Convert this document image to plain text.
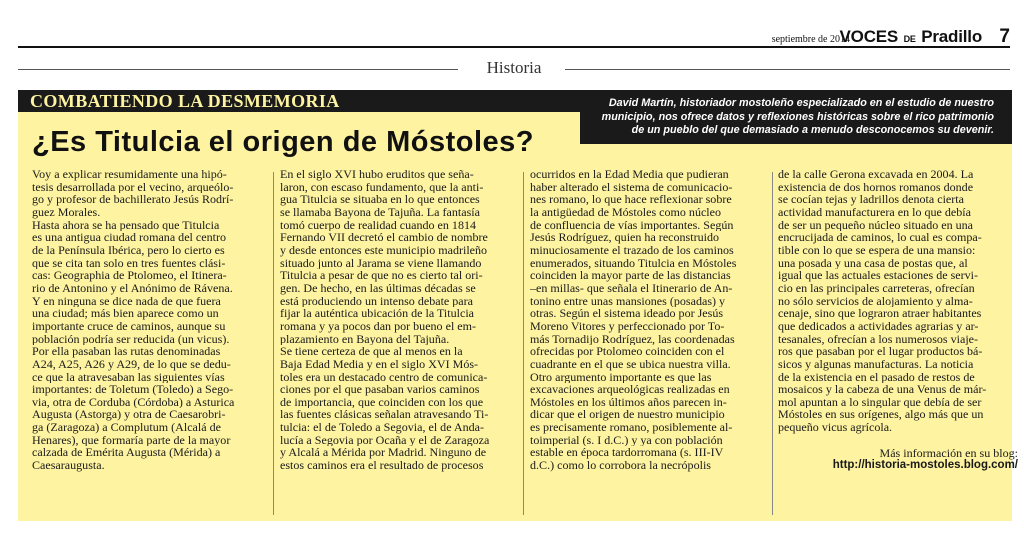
septiembre de 2014
VOCES DE Pradillo 7
Historia
COMBATIENDO LA DESMEMORIA	David Martín, historiador mostoleño especializado en el estudio de nuestro
municipio, nos ofrece datos y reflexiones históricas sobre el rico patrimonio
de un pueblo del que demasiado a menudo desconocemos su devenir.
¿Es Titulcia el origen de Móstoles?
Voy a explicar resumidamente una hipó-
tesis desarrollada por el vecino, arqueólo-
go y profesor de bachillerato Jesús Rodrí-
guez Morales.
Hasta ahora se ha pensado que Titulcia
es una antigua ciudad romana del centro
de la Península Ibérica, pero lo cierto es
que se cita tan solo en tres fuentes clási-
cas: Geographia de Ptolomeo, el Itinera-
rio de Antonino y el Anónimo de Rávena.
Y en ninguna se dice nada de que fuera
una ciudad; más bien aparece como un
importante cruce de caminos, aunque su
población podría ser reducida (un vicus).
Por ella pasaban las rutas denominadas
A24, A25, A26 y A29, de lo que se dedu-
ce que la atravesaban las siguientes vías
importantes: de Toletum (Toledo) a Sego-
via, otra de Corduba (Córdoba) a Asturica
Augusta (Astorga) y otra de Caesarobri-
ga (Zaragoza) a Complutum (Alcalá de
Henares), que formaría parte de la mayor
calzada de Emérita Augusta (Mérida) a
Caesaraugusta.
En el siglo XVI hubo eruditos que seña-
laron, con escaso fundamento, que la anti-
gua Titulcia se situaba en lo que entonces
se llamaba Bayona de Tajuña. La fantasía
tomó cuerpo de realidad cuando en 1814
Fernando VII decretó el cambio de nombre
y desde entonces este municipio madrileño
situado junto al Jarama se viene llamando
Titulcia a pesar de que no es cierto tal ori-
gen. De hecho, en las últimas décadas se
está produciendo un intenso debate para
fijar la auténtica ubicación de la Titulcia
romana y ya pocos dan por bueno el em-
plazamiento en Bayona del Tajuña.
Se tiene certeza de que al menos en la
Baja Edad Media y en el siglo XVI Mós-
toles era un destacado centro de comunica-
ciones por el que pasaban varios caminos
de importancia, que coinciden con los que
las fuentes clásicas señalan atravesando Ti-
tulcia: el de Toledo a Segovia, el de Anda-
lucía a Segovia por Ocaña y el de Zaragoza
y Alcalá a Mérida por Madrid. Ninguno de
estos caminos era el resultado de procesos
ocurridos en la Edad Media que pudieran
haber alterado el sistema de comunicacio-
nes romano, lo que hace reflexionar sobre
la antigüedad de Móstoles como núcleo
de confluencia de vías importantes. Según
Jesús Rodríguez, quien ha reconstruido
minuciosamente el trazado de los caminos
enumerados, situando Titulcia en Móstoles
coinciden la mayor parte de las distancias
–en millas- que señala el Itinerario de An-
tonino entre unas mansiones (posadas) y
otras. Según el sistema ideado por Jesús
Moreno Vitores y perfeccionado por To-
más Tornadijo Rodríguez, las coordenadas
ofrecidas por Ptolomeo coinciden con el
cuadrante en el que se ubica nuestra villa.
Otro argumento importante es que las
excavaciones arqueológicas realizadas en
Móstoles en los últimos años parecen in-
dicar que el origen de nuestro municipio
es precisamente romano, posiblemente al-
toimperial (s. I d.C.) y ya con población
estable en época tardorromana (s. III-IV
d.C.) como lo corrobora la necrópolis
de la calle Gerona excavada en 2004. La
existencia de dos hornos romanos donde
se cocían tejas y ladrillos denota cierta
actividad manufacturera en lo que debía
de ser un pequeño núcleo situado en una
encrucijada de caminos, lo cual es compa-
tible con lo que se espera de una mansio:
una posada y una casa de postas que, al
igual que las actuales estaciones de servi-
cio en las principales carreteras, ofrecían
no sólo servicios de alojamiento y alma-
cenaje, sino que lograron atraer habitantes
que dedicados a actividades agrarias y ar-
tesanales, ofrecían a los numerosos viaje-
ros que pasaban por el lugar productos bá-
sicos y algunas manufacturas. La noticia
de la existencia en el pasado de restos de
mosaicos y la cabeza de una Venus de már-
mol apuntan a lo singular que debía de ser
Móstoles en sus orígenes, algo más que un
pequeño vicus agrícola.
Más información en su blog:
http://historia-mostoles.blog.com/
